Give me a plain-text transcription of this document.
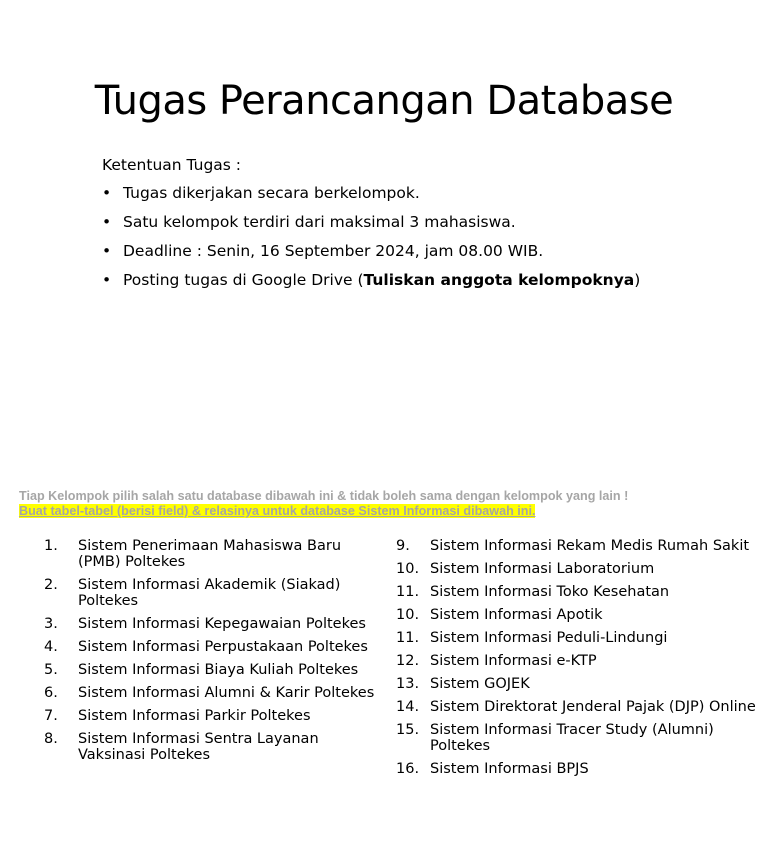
Tugas Perancangan Database
Ketentuan Tugas :
• Tugas dikerjakan secara berkelompok.
• Satu kelompok terdiri dari maksimal 3 mahasiswa.
• Deadline : Senin, 16 September 2024, jam 08.00 WIB.
• Posting tugas di Google Drive (Tuliskan anggota kelompoknya)
Tiap Kelompok pilih salah satu database dibawah ini & tidak boleh sama dengan kelompok yang lain !
Buat tabel-tabel (berisi field) & relasinya untuk database Sistem Informasi dibawah ini.
1. Sistem Penerimaan Mahasiswa Baru (PMB) Poltekes
2. Sistem Informasi Akademik (Siakad) Poltekes
3. Sistem Informasi Kepegawaian Poltekes
4. Sistem Informasi Perpustakaan Poltekes
5. Sistem Informasi Biaya Kuliah Poltekes
6. Sistem Informasi Alumni & Karir Poltekes
7. Sistem Informasi Parkir Poltekes
8. Sistem Informasi Sentra Layanan Vaksinasi Poltekes
9. Sistem Informasi Rekam Medis Rumah Sakit
10. Sistem Informasi Laboratorium
11. Sistem Informasi Toko Kesehatan
10. Sistem Informasi Apotik
11. Sistem Informasi Peduli-Lindungi
12. Sistem Informasi e-KTP
13. Sistem GOJEK
14. Sistem Direktorat Jenderal Pajak (DJP) Online
15. Sistem Informasi Tracer Study (Alumni) Poltekes
16. Sistem Informasi BPJS
